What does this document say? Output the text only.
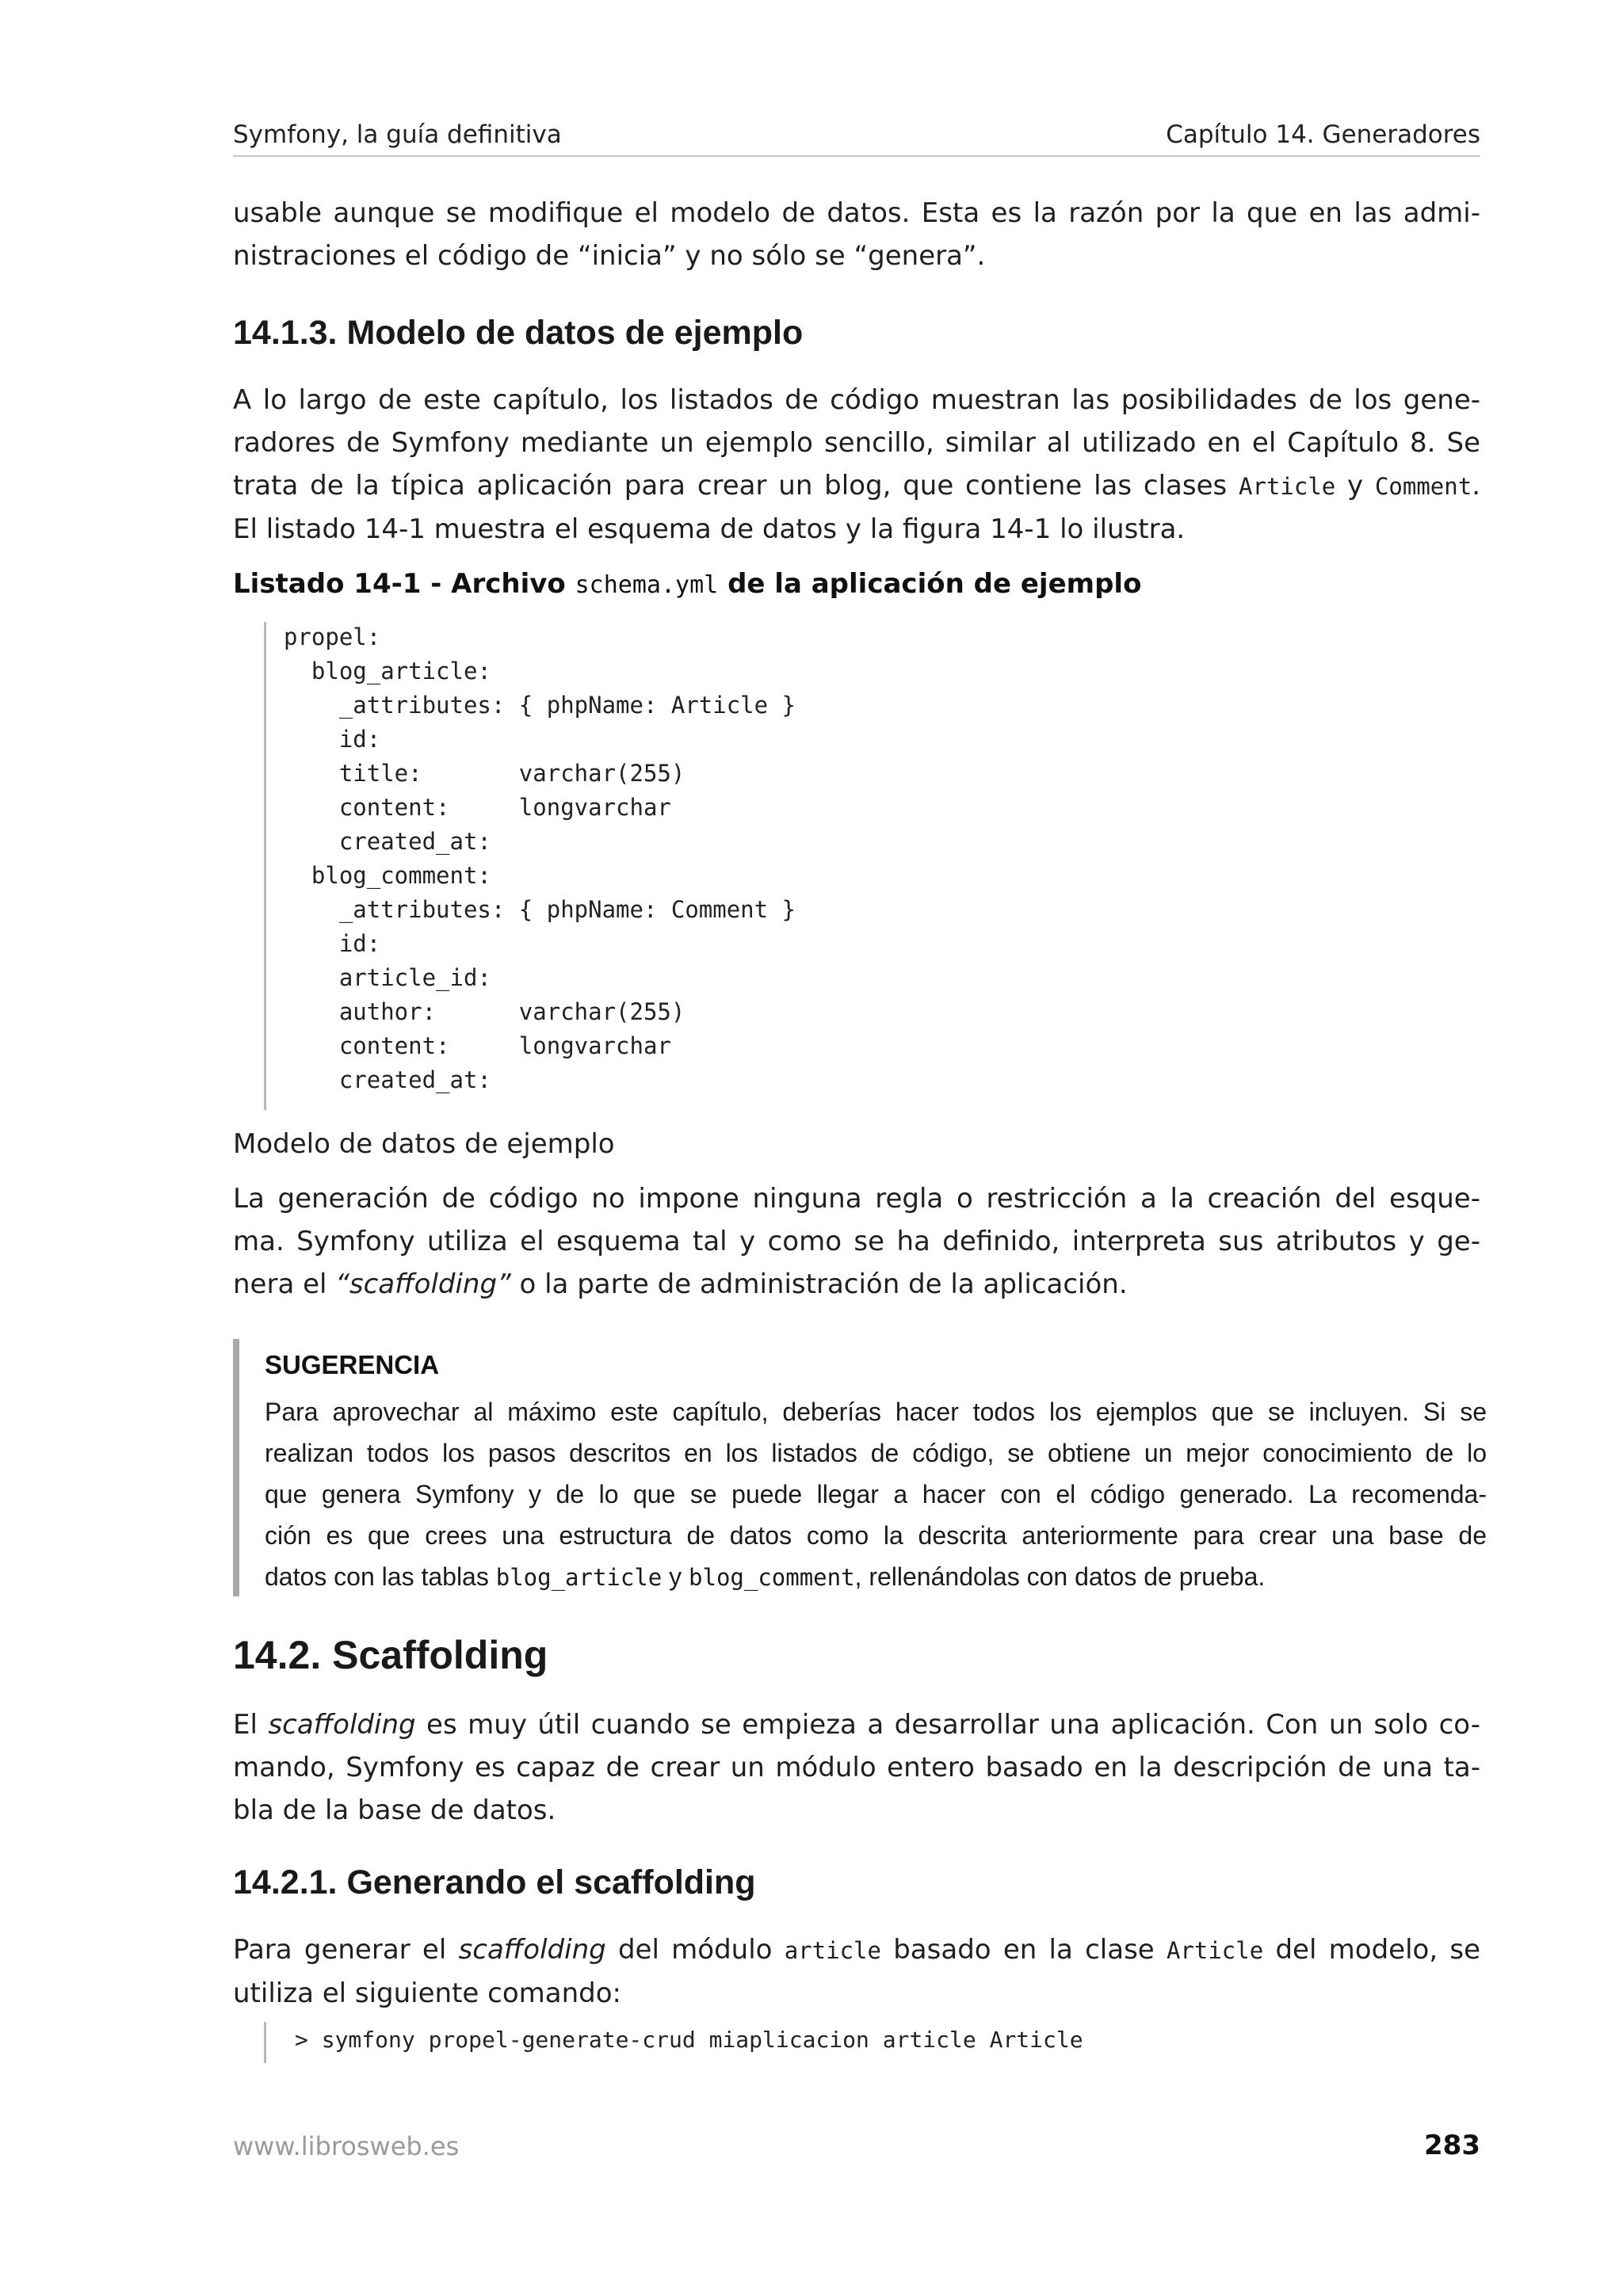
Symfony, la guía definitiva	Capítulo 14. Generadores
usable aunque se modifique el modelo de datos. Esta es la razón por la que en las admi-
nistraciones el código de “inicia” y no sólo se “genera”.
14.1.3. Modelo de datos de ejemplo
A lo largo de este capítulo, los listados de código muestran las posibilidades de los gene-
radores de Symfony mediante un ejemplo sencillo, similar al utilizado en el Capítulo 8. Se
trata de la típica aplicación para crear un blog, que contiene las clases Article y Comment.
El listado 14-1 muestra el esquema de datos y la figura 14-1 lo ilustra.
Listado 14-1 - Archivo schema.yml de la aplicación de ejemplo
propel:
blog_article:
_attributes: { phpName: Article }
id:
title:       varchar(255)
content:     longvarchar
created_at:
blog_comment:
_attributes: { phpName: Comment }
id:
article_id:
author:      varchar(255)
content:     longvarchar
created_at:
Modelo de datos de ejemplo
La generación de código no impone ninguna regla o restricción a la creación del esque-
ma. Symfony utiliza el esquema tal y como se ha definido, interpreta sus atributos y ge-
nera el “scaffolding” o la parte de administración de la aplicación.
SUGERENCIA
Para aprovechar al máximo este capítulo, deberías hacer todos los ejemplos que se incluyen. Si se
realizan todos los pasos descritos en los listados de código, se obtiene un mejor conocimiento de lo
que genera Symfony y de lo que se puede llegar a hacer con el código generado. La recomenda-
ción es que crees una estructura de datos como la descrita anteriormente para crear una base de
datos con las tablas blog_article y blog_comment, rellenándolas con datos de prueba.
14.2. Scaffolding
El scaffolding es muy útil cuando se empieza a desarrollar una aplicación. Con un solo co-
mando, Symfony es capaz de crear un módulo entero basado en la descripción de una ta-
bla de la base de datos.
14.2.1. Generando el scaffolding
Para generar el scaffolding del módulo article basado en la clase Article del modelo, se
utiliza el siguiente comando:
> symfony propel-generate-crud miaplicacion article Article
www.librosweb.es	283
